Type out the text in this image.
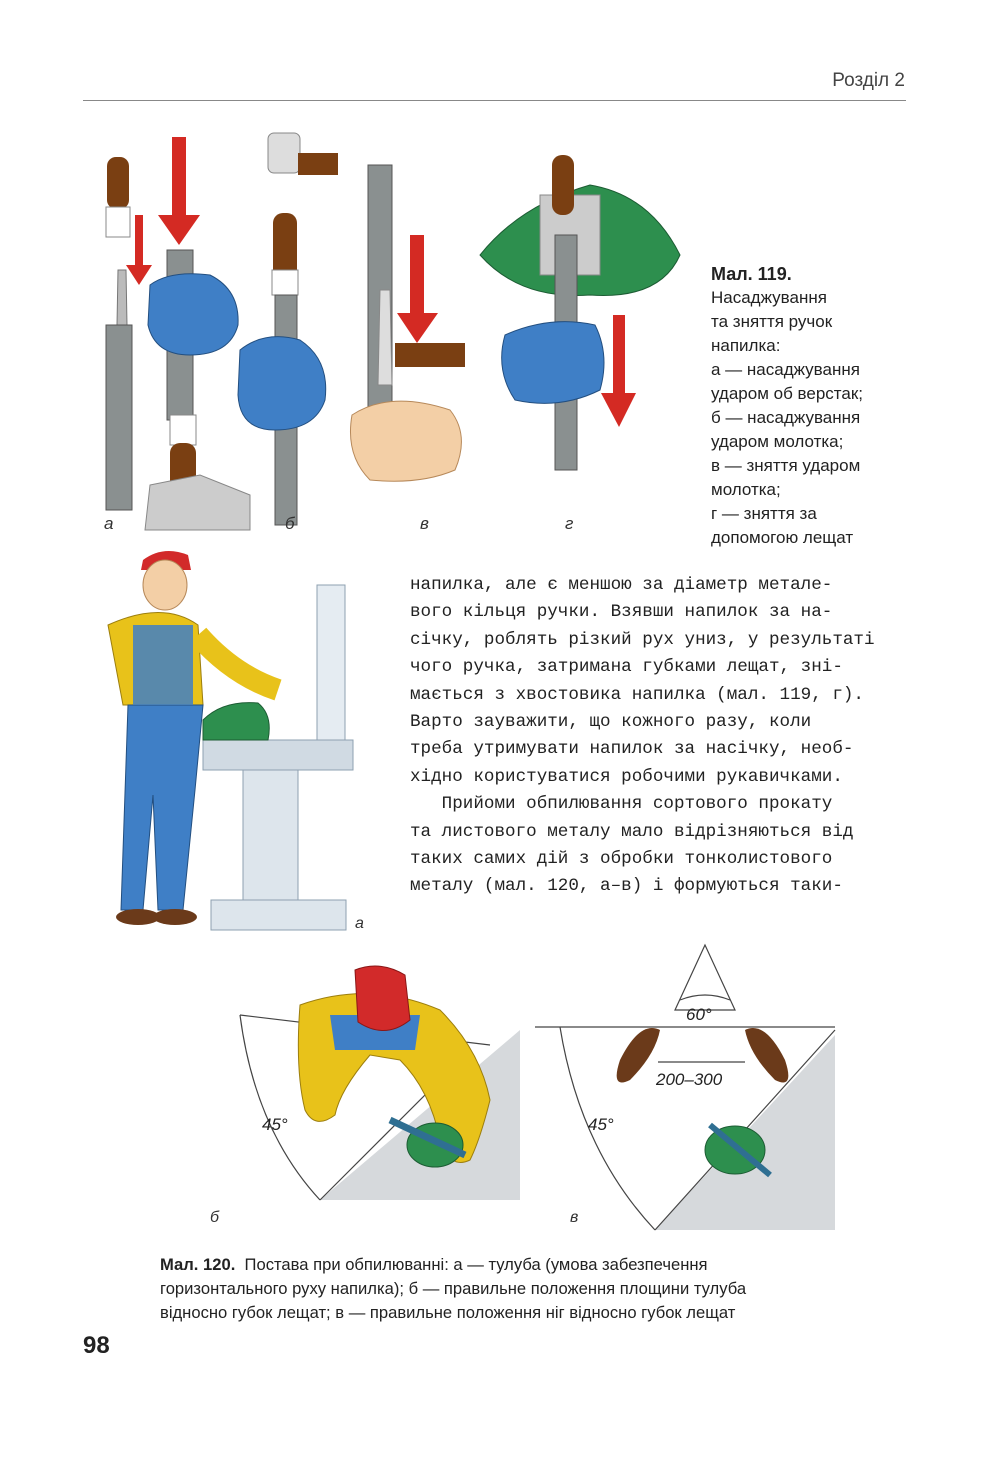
Розділ 2
а	б	в	г
Мал. 119.
Насаджування
та зняття ручок
напилка:
а — насаджування
ударом об верстак;
б — насаджування
ударом молотка;
в — зняття ударом
молотка;
г — зняття за
допомогою лещат
а
напилка, але є меншою за діаметр метале-
вого кільця ручки. Взявши напилок за на-
січку, роблять різкий рух униз, у результаті
чого ручка, затримана губками лещат, зні-
мається з хвостовика напилка (мал. 119, г).
Варто зауважити, що кожного разу, коли
треба утримувати напилок за насічку, необ-
хідно користуватися робочими рукавичками.
Прийоми обпилювання сортового прокату
та листового металу мало відрізняються від
таких самих дій з обробки тонколистового
металу (мал. 120, а–в) і формуються таки-
45°
б
60°
200–300
45°
в
Мал. 120. Постава при обпилюванні: а — тулуба (умова забезпечення
горизонтального руху напилка); б — правильне положення площини тулуба
відносно губок лещат; в — правильне положення ніг відносно губок лещат
98
